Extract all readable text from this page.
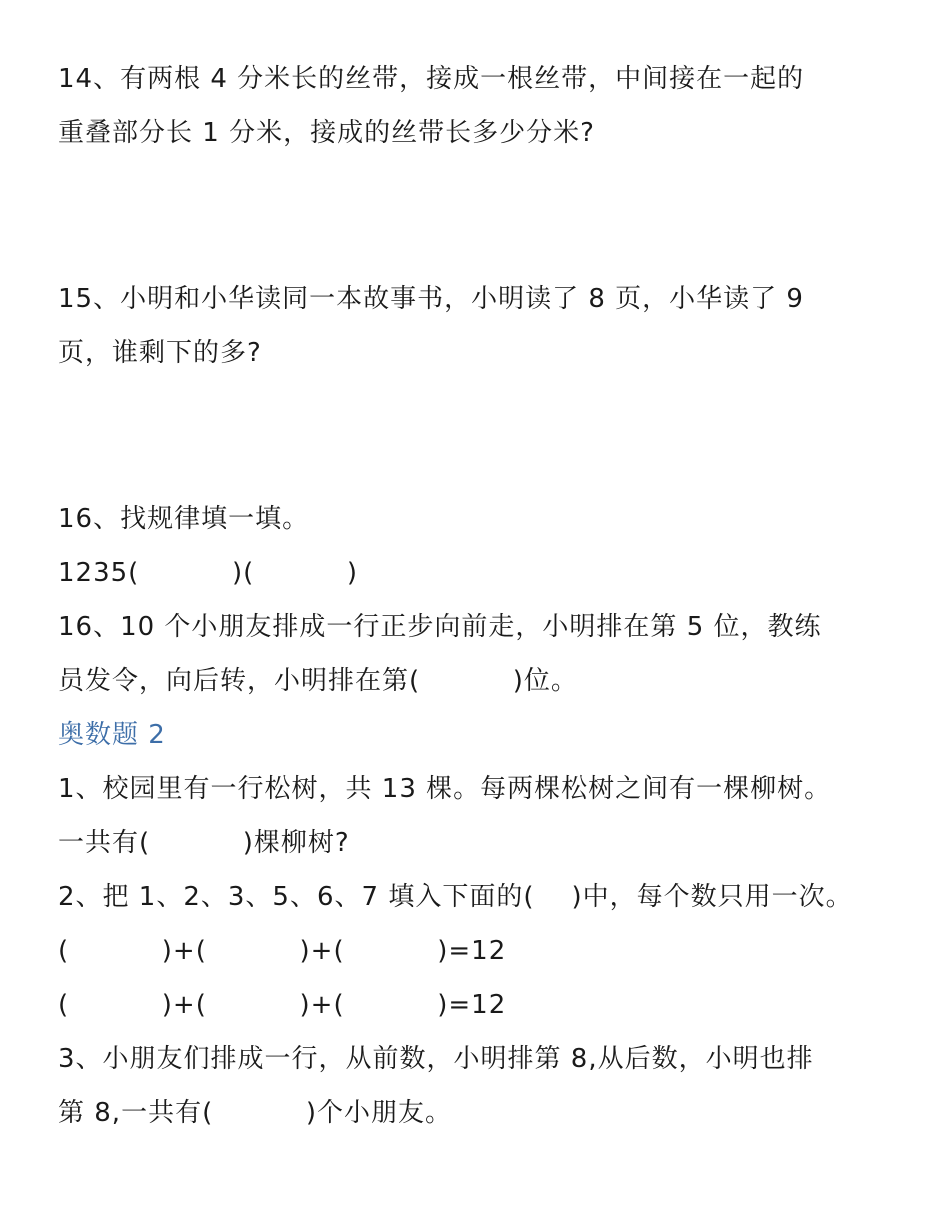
14、有两根 4 分米长的丝带，接成一根丝带，中间接在一起的
重叠部分长 1 分米，接成的丝带长多少分米?
15、小明和小华读同一本故事书，小明读了 8 页，小华读了 9
页，谁剩下的多?
16、找规律填一填。
1235(          )(          )
16、10 个小朋友排成一行正步向前走，小明排在第 5 位，教练
员发令，向后转，小明排在第(          )位。
奥数题 2
1、校园里有一行松树，共 13 棵。每两棵松树之间有一棵柳树。
一共有(          )棵柳树?
2、把 1、2、3、5、6、7 填入下面的(    )中，每个数只用一次。
(          )+(          )+(          )=12
(          )+(          )+(          )=12
3、小朋友们排成一行，从前数，小明排第 8,从后数，小明也排
第 8,一共有(          )个小朋友。
